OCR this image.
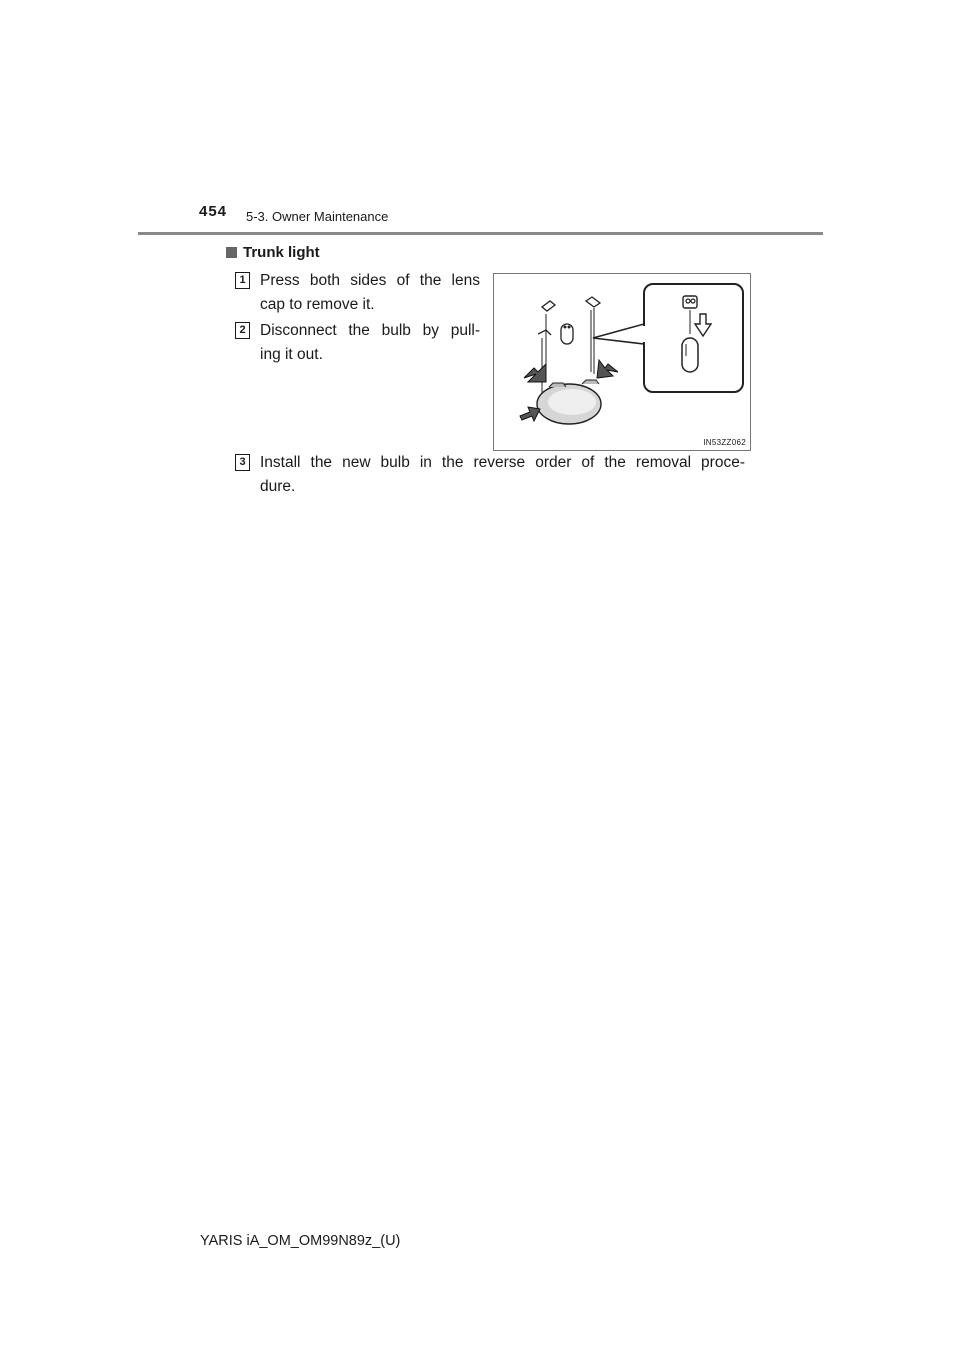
454 5-3. Owner Maintenance
Trunk light
1 Press both sides of the lens
cap to remove it.
2 Disconnect the bulb by pull-
ing it out.
IN53ZZ062
3 Install the new bulb in the reverse order of the removal proce-
dure.
YARIS iA_OM_OM99N89z_(U)
